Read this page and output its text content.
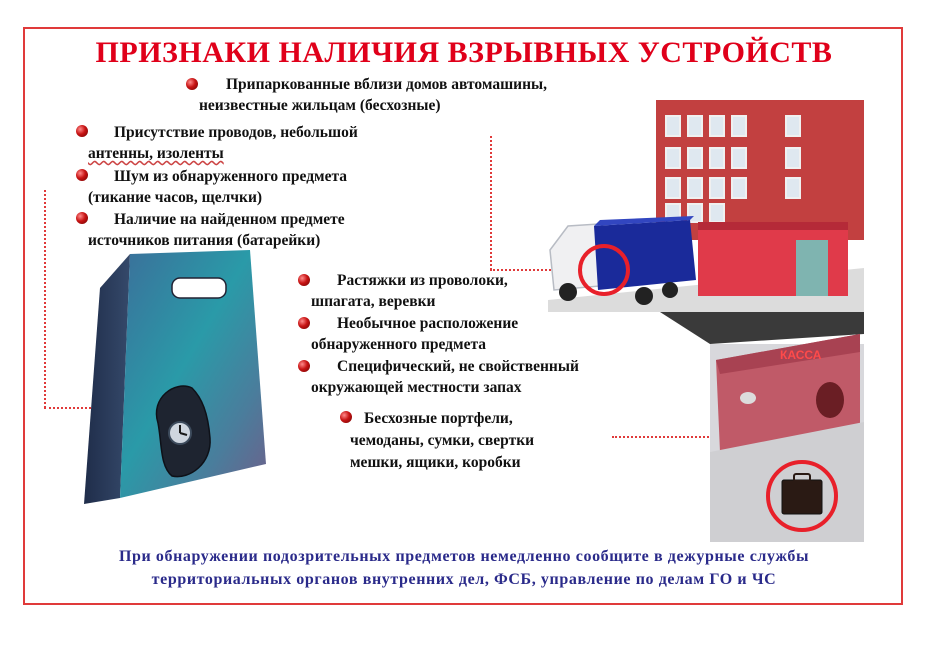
ПРИЗНАКИ НАЛИЧИЯ ВЗРЫВНЫХ УСТРОЙСТВ
Припаркованные вблизи домов автомашины,
неизвестные жильцам (бесхозные)
Присутствие проводов, небольшой
антенны, изоленты
Шум из обнаруженного предмета
(тикание часов, щелчки)
Наличие на найденном предмете
источников питания (батарейки)
Растяжки из проволоки,
шпагата, веревки
Необычное расположение
обнаруженного предмета
Специфический, не свойственный
окружающей местности запах
Бесхозные портфели,
чемоданы, сумки, свертки
мешки, ящики, коробки
КАССА
При обнаружении подозрительных предметов немедленно сообщите в дежурные службы
территориальных органов внутренних дел, ФСБ, управление по делам ГО и ЧС
